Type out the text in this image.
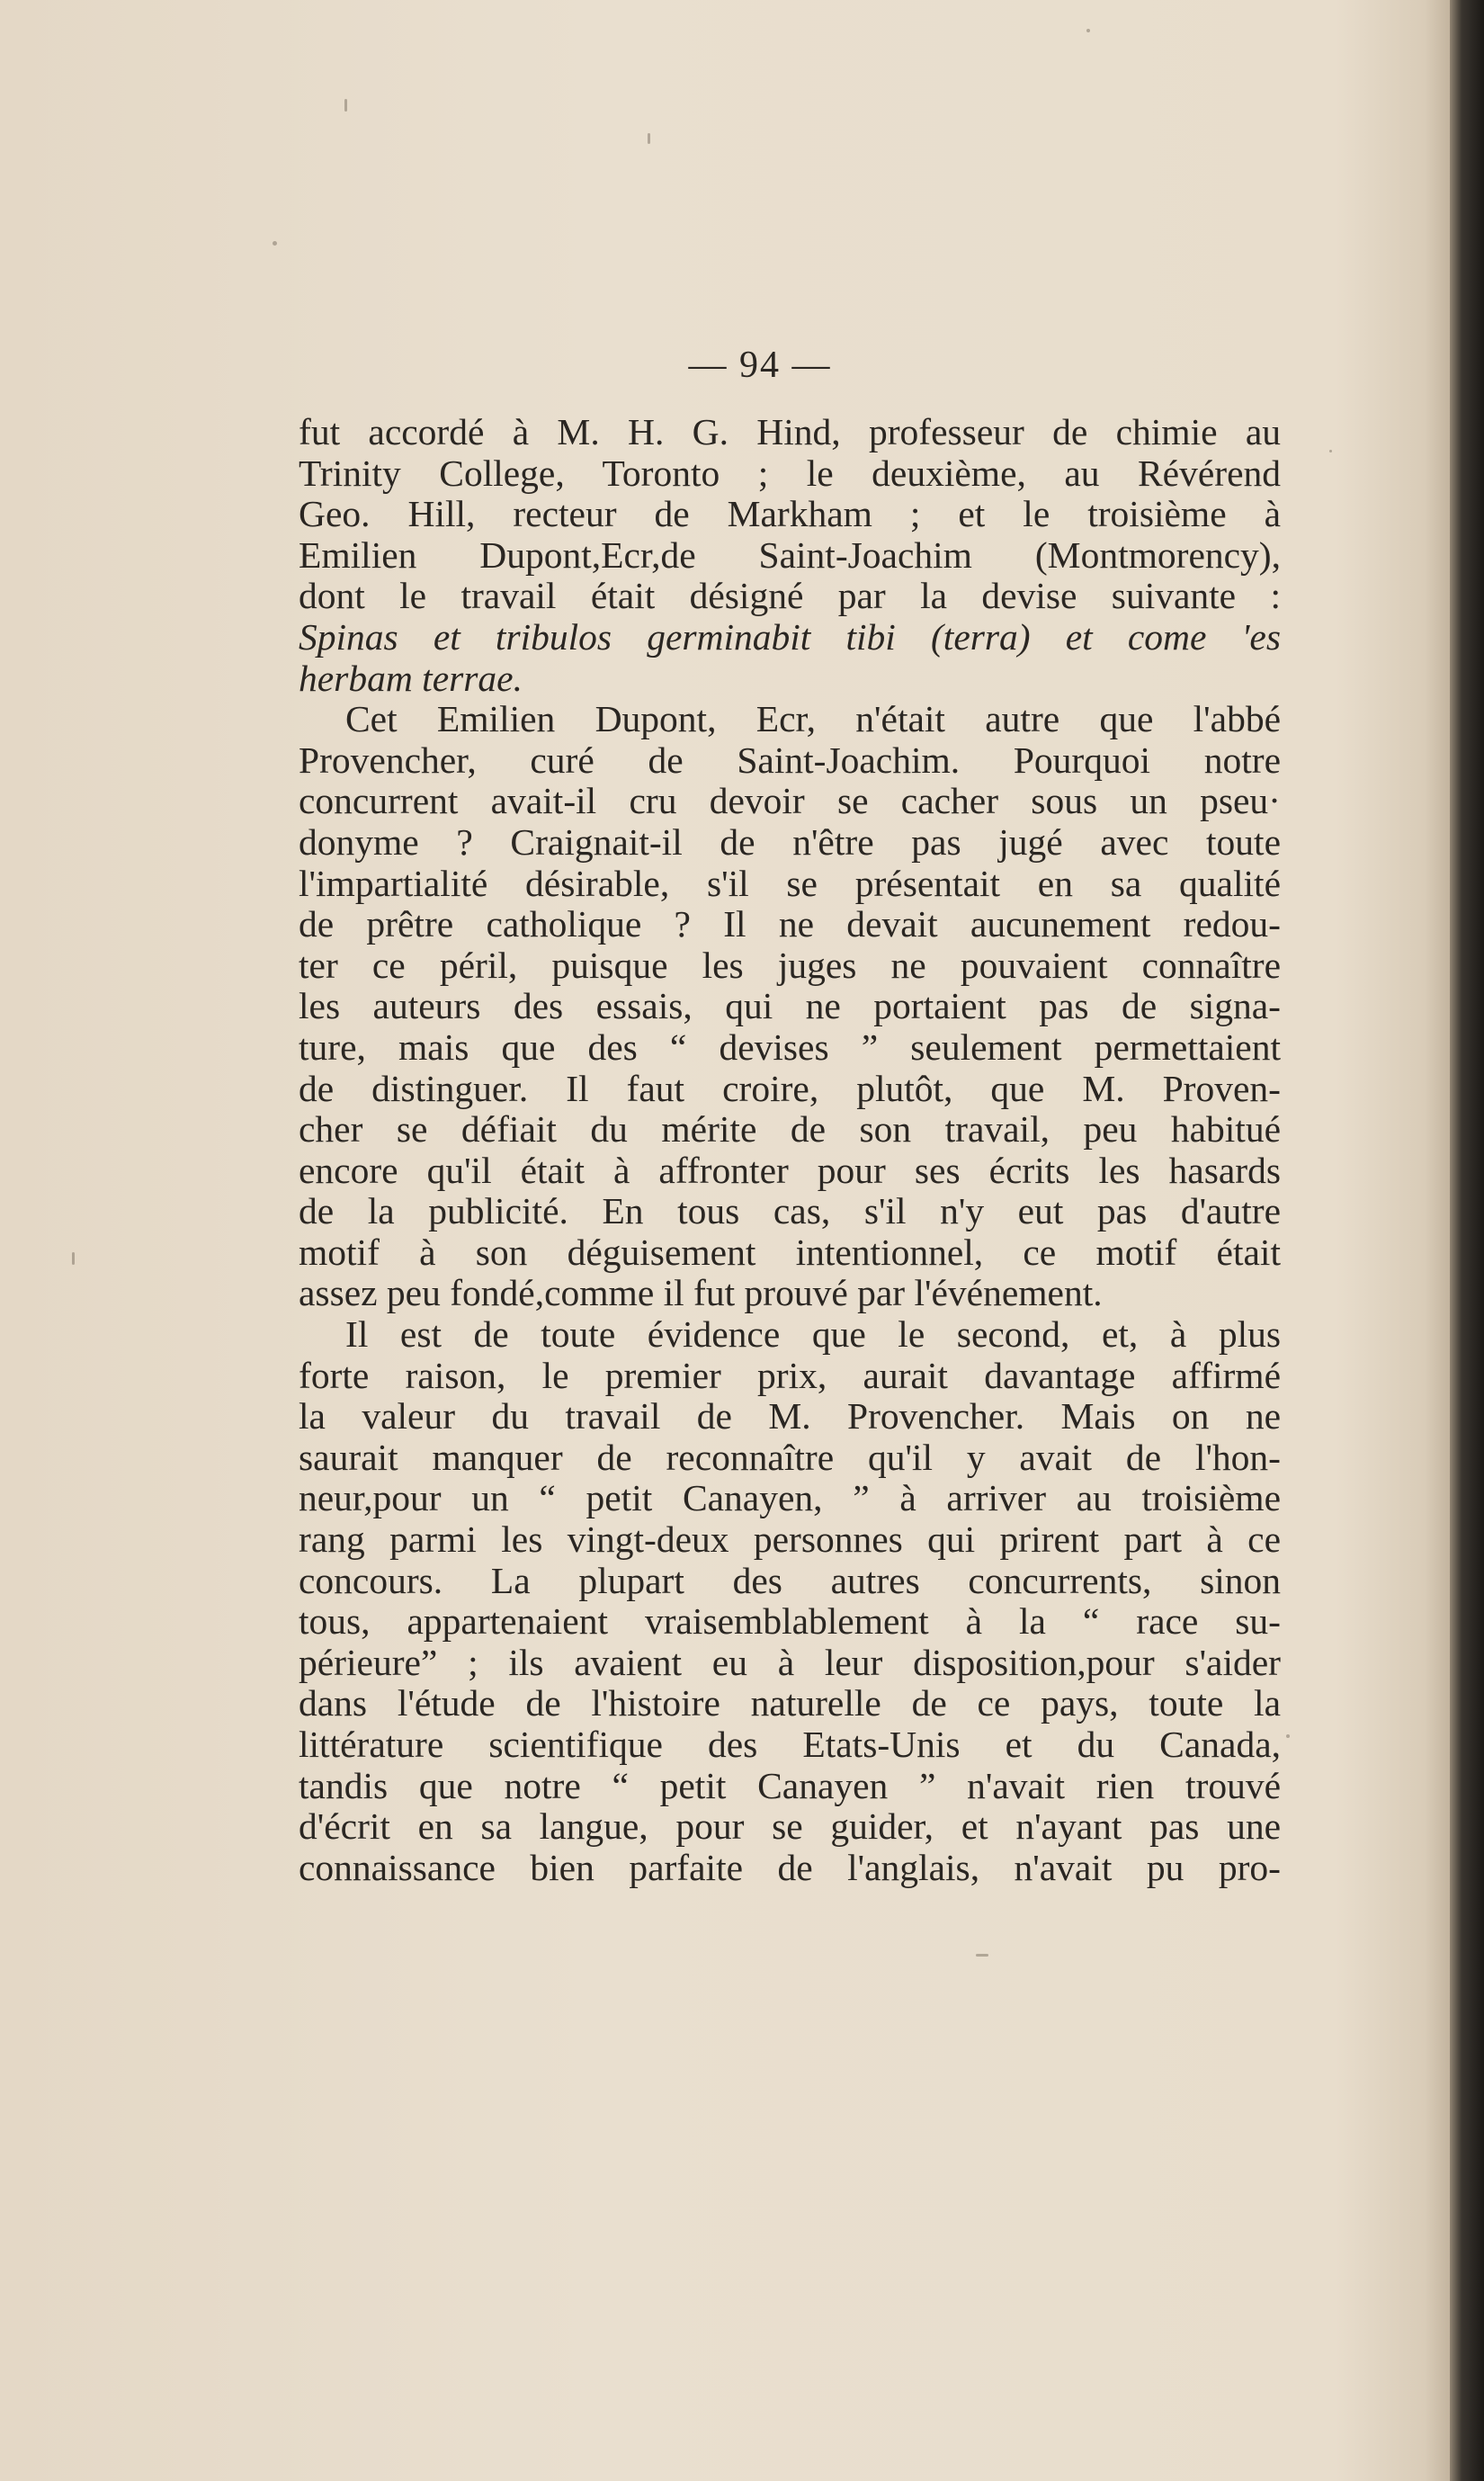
— 94 —
fut accordé à M. H. G. Hind, professeur de chimie au
Trinity College, Toronto ; le deuxième, au Révérend
Geo. Hill, recteur de Markham ; et le troisième à
Emilien Dupont,Ecr,de Saint-Joachim (Montmorency),
dont le travail était désigné par la devise suivante :
Spinas et tribulos germinabit tibi (terra) et come 'es
herbam terrae.
Cet Emilien Dupont, Ecr, n'était autre que l'abbé
Provencher, curé de Saint-Joachim. Pourquoi notre
concurrent avait-il cru devoir se cacher sous un pseu·
donyme ? Craignait-il de n'être pas jugé avec toute
l'impartialité désirable, s'il se présentait en sa qualité
de prêtre catholique ? Il ne devait aucunement redou-
ter ce péril, puisque les juges ne pouvaient connaître
les auteurs des essais, qui ne portaient pas de signa-
ture, mais que des “ devises ” seulement permettaient
de distinguer. Il faut croire, plutôt, que M. Proven-
cher se défiait du mérite de son travail, peu habitué
encore qu'il était à affronter pour ses écrits les hasards
de la publicité. En tous cas, s'il n'y eut pas d'autre
motif à son déguisement intentionnel, ce motif était
assez peu fondé,comme il fut prouvé par l'événement.
Il est de toute évidence que le second, et, à plus
forte raison, le premier prix, aurait davantage affirmé
la valeur du travail de M. Provencher. Mais on ne
saurait manquer de reconnaître qu'il y avait de l'hon-
neur,pour un “ petit Canayen, ” à arriver au troisième
rang parmi les vingt-deux personnes qui prirent part à ce
concours. La plupart des autres concurrents, sinon
tous, appartenaient vraisemblablement à la “ race su-
périeure” ; ils avaient eu à leur disposition,pour s'aider
dans l'étude de l'histoire naturelle de ce pays, toute la
littérature scientifique des Etats-Unis et du Canada,
tandis que notre “ petit Canayen ” n'avait rien trouvé
d'écrit en sa langue, pour se guider, et n'ayant pas une
connaissance bien parfaite de l'anglais, n'avait pu pro-
